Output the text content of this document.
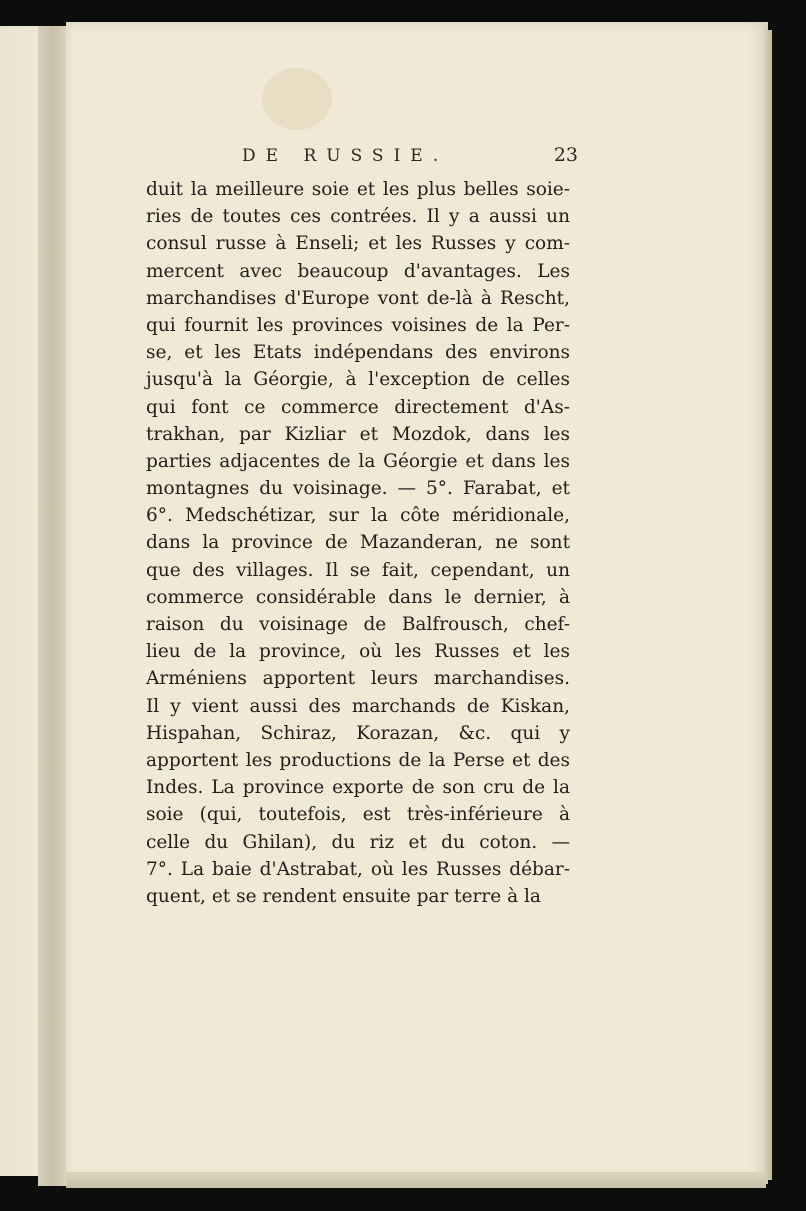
DE RUSSIE.	23
duit la meilleure soie et les plus belles soie-
ries de toutes ces contrées. Il y a aussi un
consul russe à Enseli; et les Russes y com-
mercent avec beaucoup d'avantages. Les
marchandises d'Europe vont de-là à Rescht,
qui fournit les provinces voisines de la Per-
se, et les Etats indépendans des environs
jusqu'à la Géorgie, à l'exception de celles
qui font ce commerce directement d'As-
trakhan, par Kizliar et Mozdok, dans les
parties adjacentes de la Géorgie et dans les
montagnes du voisinage. — 5°. Farabat, et
6°. Medschétizar, sur la côte méridionale,
dans la province de Mazanderan, ne sont
que des villages. Il se fait, cependant, un
commerce considérable dans le dernier, à
raison du voisinage de Balfrousch, chef-
lieu de la province, où les Russes et les
Arméniens apportent leurs marchandises.
Il y vient aussi des marchands de Kiskan,
Hispahan, Schiraz, Korazan, &c. qui y
apportent les productions de la Perse et des
Indes. La province exporte de son cru de la
soie (qui, toutefois, est très-inférieure à
celle du Ghilan), du riz et du coton. —
7°. La baie d'Astrabat, où les Russes débar-
quent, et se rendent ensuite par terre à la
